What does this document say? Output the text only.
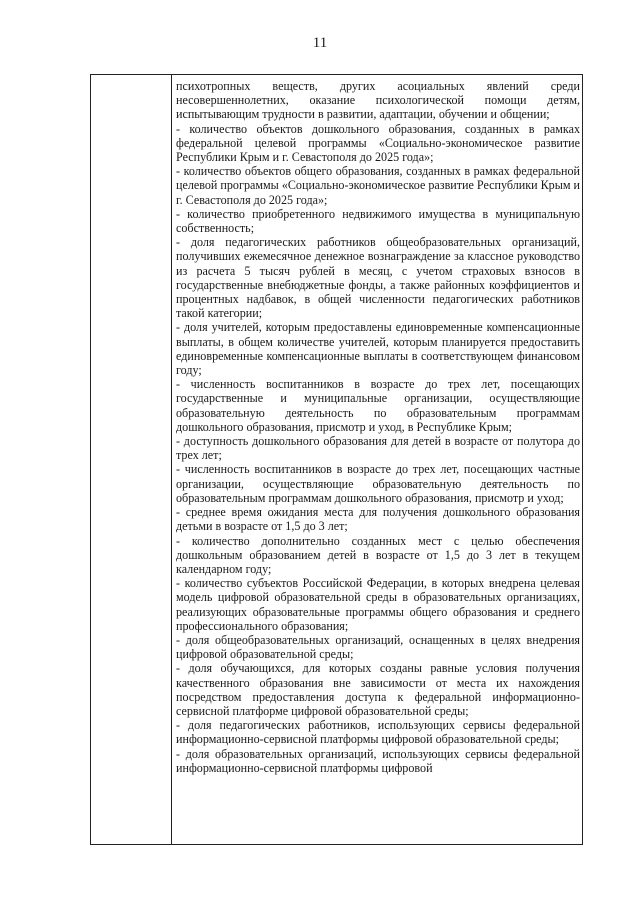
11

психотропных веществ, других асоциальных явлений среди несовершеннолетних, оказание психологической помощи детям, испытывающим трудности в развитии, адаптации, обучении и общении;

- количество объектов дошкольного образования, созданных в рамках федеральной целевой программы «Социально-экономическое развитие Республики Крым и г. Севастополя до 2025 года»;

- количество объектов общего образования, созданных в рамках федеральной целевой программы «Социально-экономическое развитие Республики Крым и г. Севастополя до 2025 года»;

- количество приобретенного недвижимого имущества в муниципальную собственность;

- доля педагогических работников общеобразовательных организаций, получивших ежемесячное денежное вознаграждение за классное руководство из расчета 5 тысяч рублей в месяц, с учетом страховых взносов в государственные внебюджетные фонды, а также районных коэффициентов и процентных надбавок, в общей численности педагогических работников такой категории;

- доля учителей, которым предоставлены единовременные компенсационные выплаты, в общем количестве учителей, которым планируется предоставить единовременные компенсационные выплаты в соответствующем финансовом году;

- численность воспитанников в возрасте до трех лет, посещающих государственные и муниципальные организации, осуществляющие образовательную деятельность по образовательным программам дошкольного образования, присмотр и уход, в Республике Крым;

- доступность дошкольного образования для детей в возрасте от полутора до трех лет;

- численность воспитанников в возрасте до трех лет, посещающих частные организации, осуществляющие образовательную деятельность по образовательным программам дошкольного образования, присмотр и уход;

- среднее время ожидания места для получения дошкольного образования детьми в возрасте от 1,5 до 3 лет;

- количество дополнительно созданных мест с целью обеспечения дошкольным образованием детей в возрасте от 1,5 до 3 лет в текущем календарном году;

- количество субъектов Российской Федерации, в которых внедрена целевая модель цифровой образовательной среды в образовательных организациях, реализующих образовательные программы общего образования и среднего профессионального образования;

- доля общеобразовательных организаций, оснащенных в целях внедрения цифровой образовательной среды;

- доля обучающихся, для которых созданы равные условия получения качественного образования вне зависимости от места их нахождения посредством предоставления доступа к федеральной информационно-сервисной платформе цифровой образовательной среды;

- доля педагогических работников, использующих сервисы федеральной информационно-сервисной платформы цифровой образовательной среды;

- доля образовательных организаций, использующих сервисы федеральной информационно-сервисной платформы цифровой
